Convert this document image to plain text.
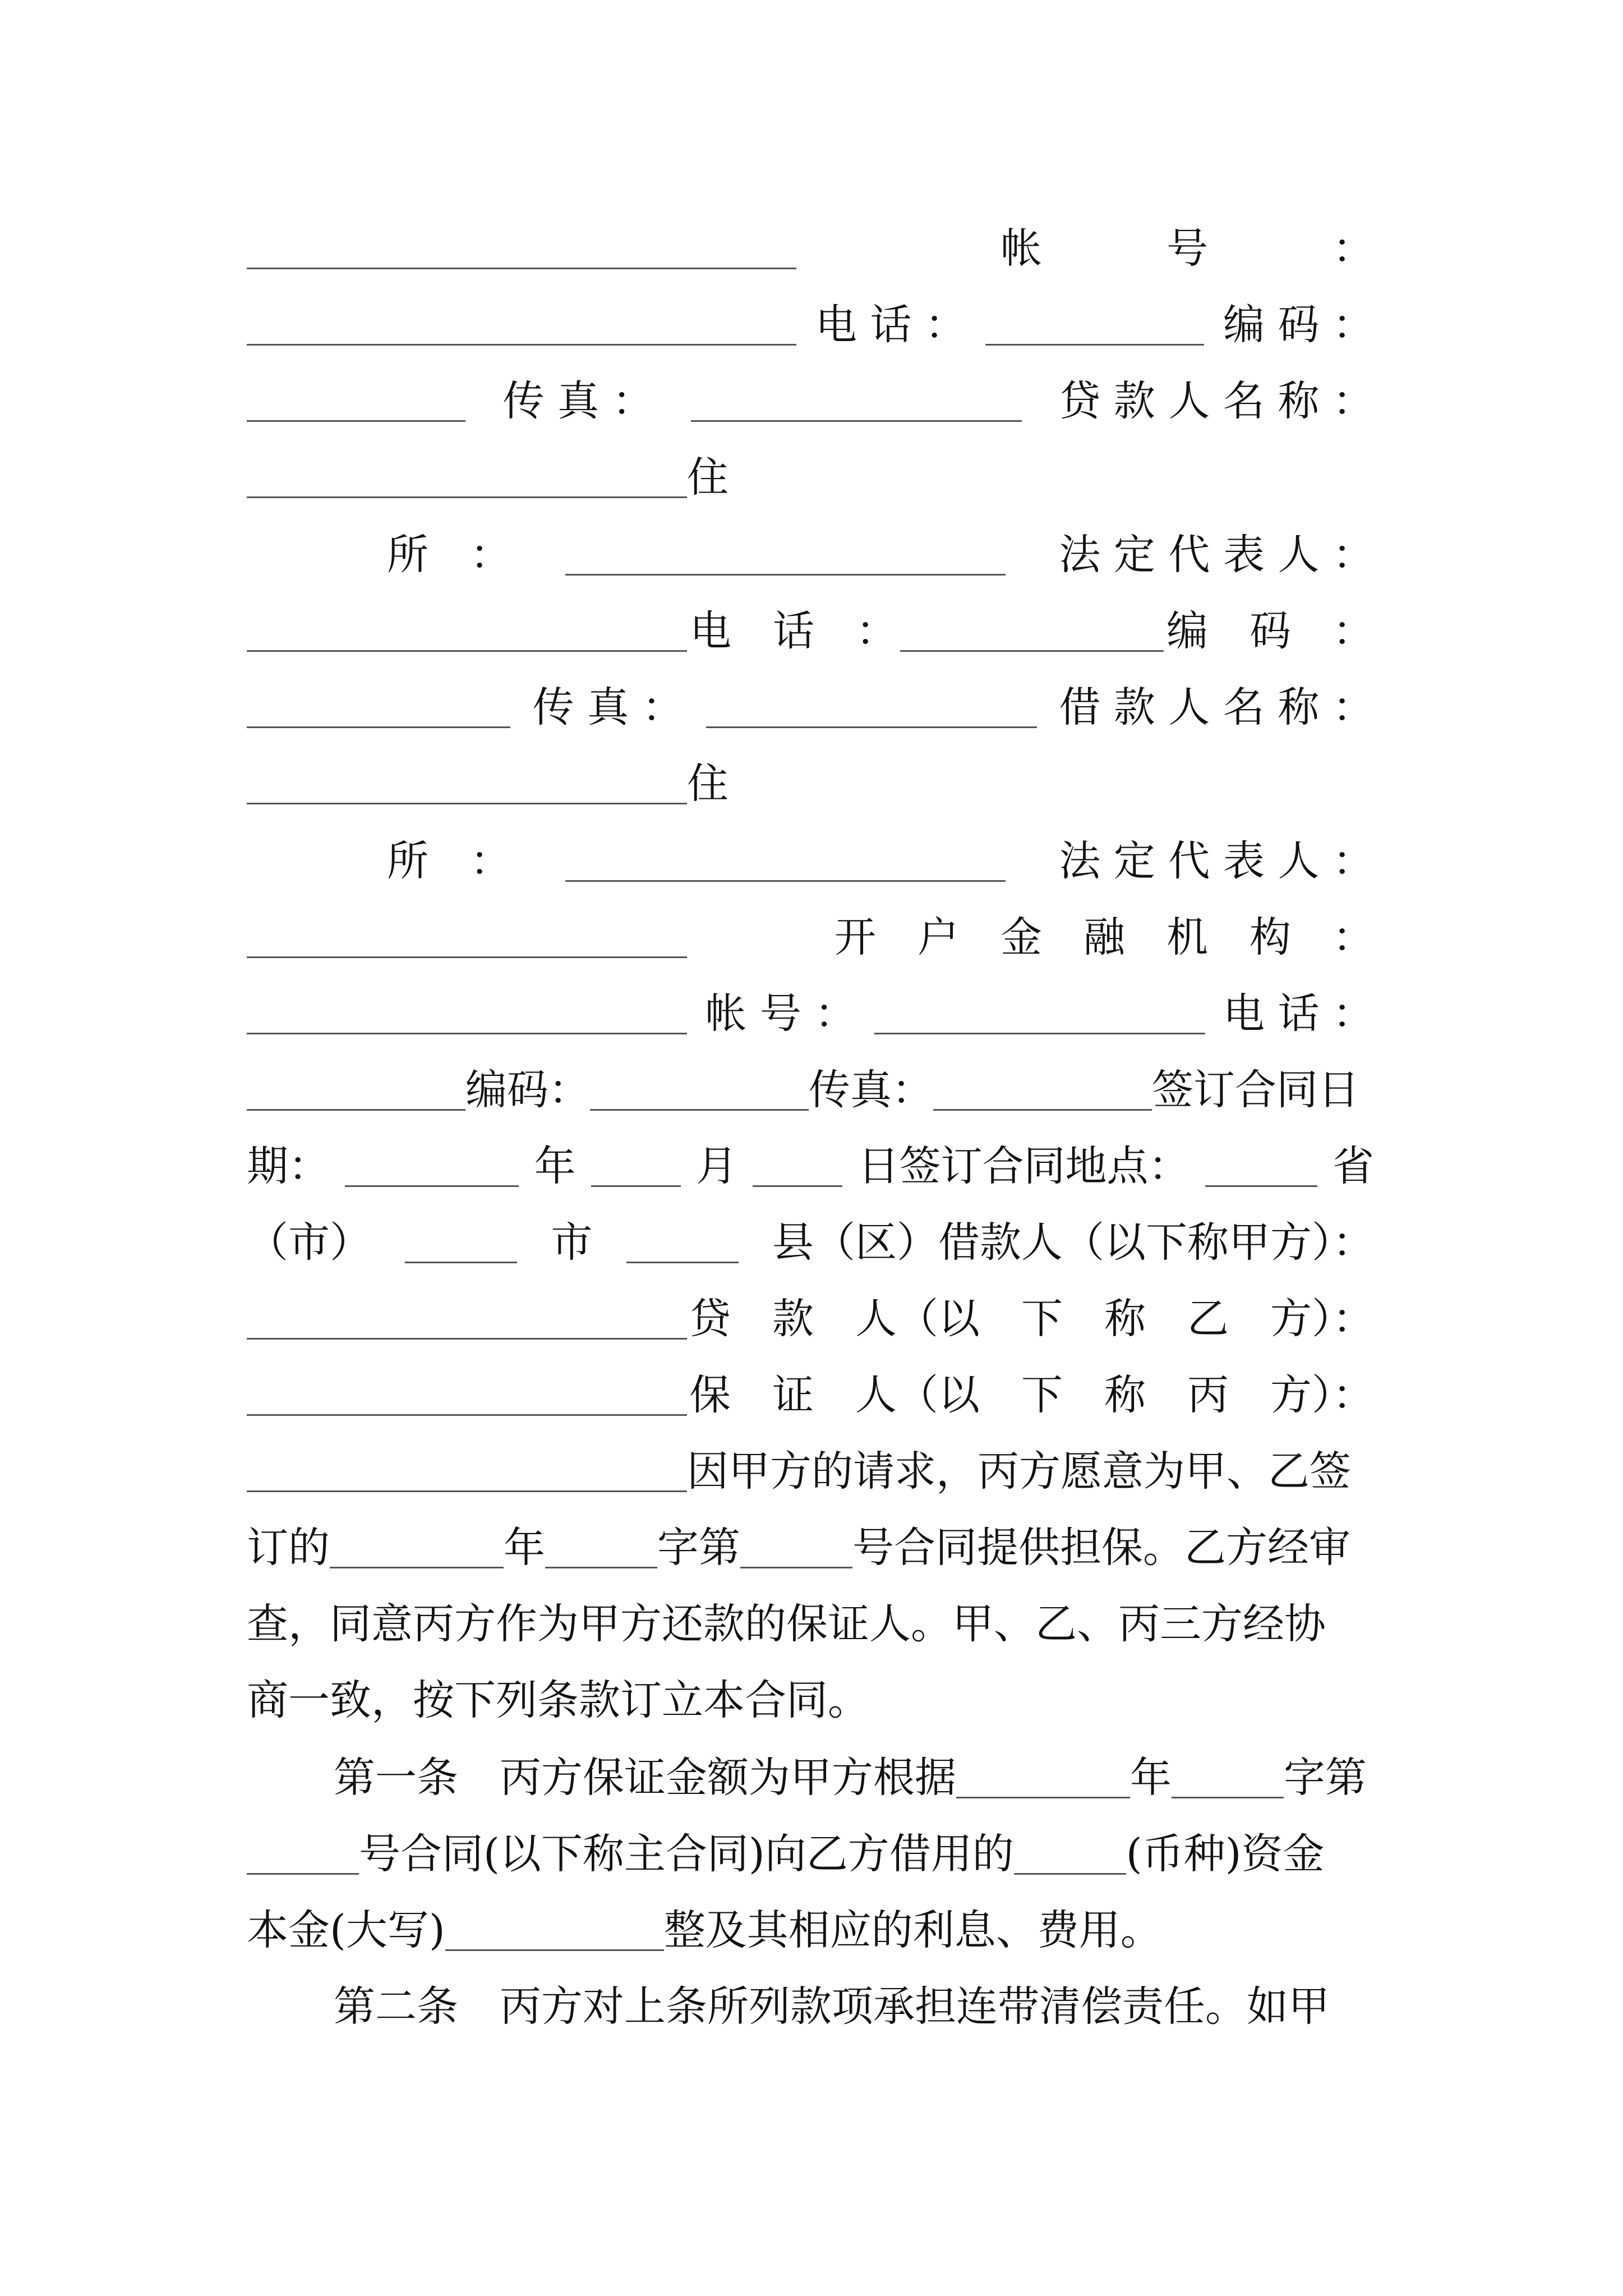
帐　　　号　　　：
电 话 ：	编 码 ：
传 真 ：	贷 款 人 名 称 ：
住
所　：	法 定 代 表 人 ：
电　话　：	编　码　：
传 真 ：	借 款 人 名 称 ：
住
所　：	法 定 代 表 人 ：
开　户　金　融　机　构　：
帐 号 ：	电 话 ：
编码：	传真：	签订合同日
期：	年	月	日签订合同地点：	省
（市）	市	县（区）借款人（以下称甲方）：
贷　款　人（以　下　称　乙　方）：
保　证　人（以　下　称　丙　方）：
因甲方的请求，丙方愿意为甲、乙签
订的	年	字第	号合同提供担保。乙方经审
查，同意丙方作为甲方还款的保证人。甲、乙、丙三方经协
商一致，按下列条款订立本合同。
第一条　丙方保证金额为甲方根据	年	字第
号合同(以下称主合同)向乙方借用的	(币种)资金
本金(大写)	整及其相应的利息、费用。
第二条　丙方对上条所列款项承担连带清偿责任。如甲
